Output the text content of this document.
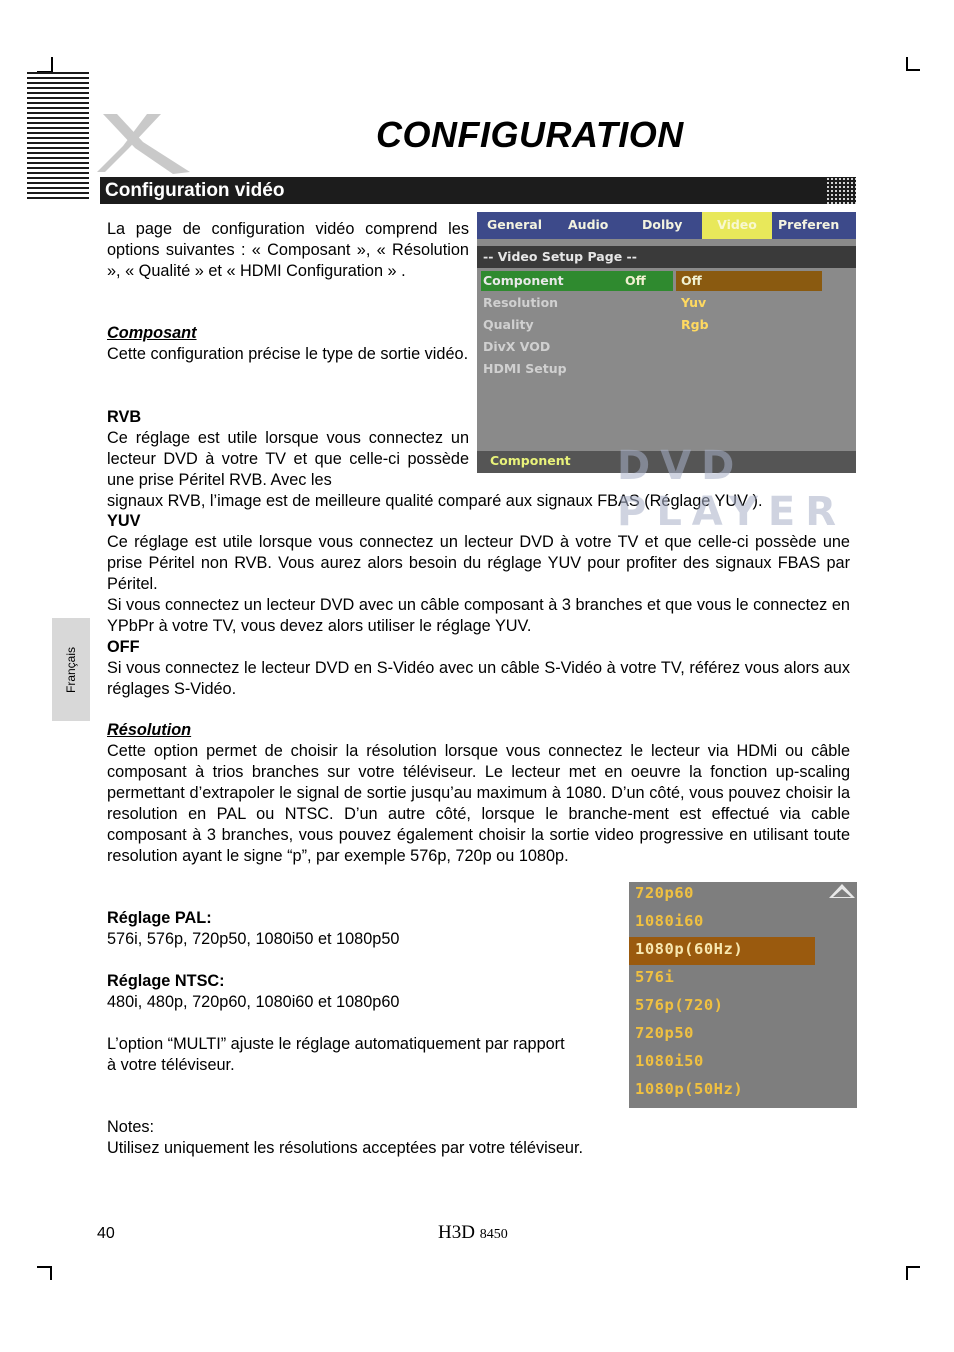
CONFIGURATION
Configuration vidéo
La page de configuration vidéo comprend les options suivantes : « Composant », « Résolution », « Qualité » et « HDMI Configuration » .
Composant
Cette configuration précise le type de sortie vidéo.
RVB
Ce réglage est utile lorsque vous connectez un lecteur DVD à votre TV et que celle-ci possède une prise Péritel RVB. Avec les
signaux RVB, l’image est de meilleure qualité comparé aux signaux FBAS (Réglage YUV ).
YUV
Ce réglage est utile lorsque vous connectez un lecteur DVD à votre TV et que celle-ci possède une prise Péritel non RVB. Vous aurez alors besoin du réglage YUV pour profiter des signaux FBAS par Péritel.
Si vous connectez un lecteur DVD avec un câble composant à 3 branches et que vous le connectez en YPbPr à votre TV, vous devez alors utiliser le réglage YUV.
OFF
Si vous connectez le lecteur DVD en S-Vidéo avec un câble S-Vidéo à votre TV, référez vous alors aux réglages S-Vidéo.
Résolution
Cette option permet de choisir la résolution lorsque vous connectez le lecteur via HDMi ou câble composant à trios branches sur votre téléviseur. Le lecteur met en oeuvre la fonction up-scaling permettant d’extrapoler le signal de sortie jusqu’au maximum à 1080. D’un côté, vous pouvez choisir la resolution en PAL ou NTSC. D’un autre côté, lorsque le branche-ment est effectué via cable composant à 3 branches, vous pouvez également choisir la sortie video progressive en utilisant toute resolution ayant le signe “p”, par exemple 576p, 720p ou 1080p.
Réglage PAL:
576i, 576p, 720p50, 1080i50 et 1080p50
Réglage NTSC:
480i, 480p, 720p60, 1080i60 et 1080p60
L’option “MULTI” ajuste le réglage automatiquement par rapport
à votre téléviseur.
Notes:
Utilisez uniquement les résolutions acceptées par votre téléviseur.
General Audio	Dolby	Video	Preferen
-- Video Setup Page --
Component	Off	Off
Resolution	Yuv
Quality	Rgb
DivX VOD
HDMI Setup
DVD PLAYER
Component
720p60
1080i60
1080p(60Hz)
576i
576p(720)
720p50
1080i50
1080p(50Hz)
Français
40	H3D 8450
